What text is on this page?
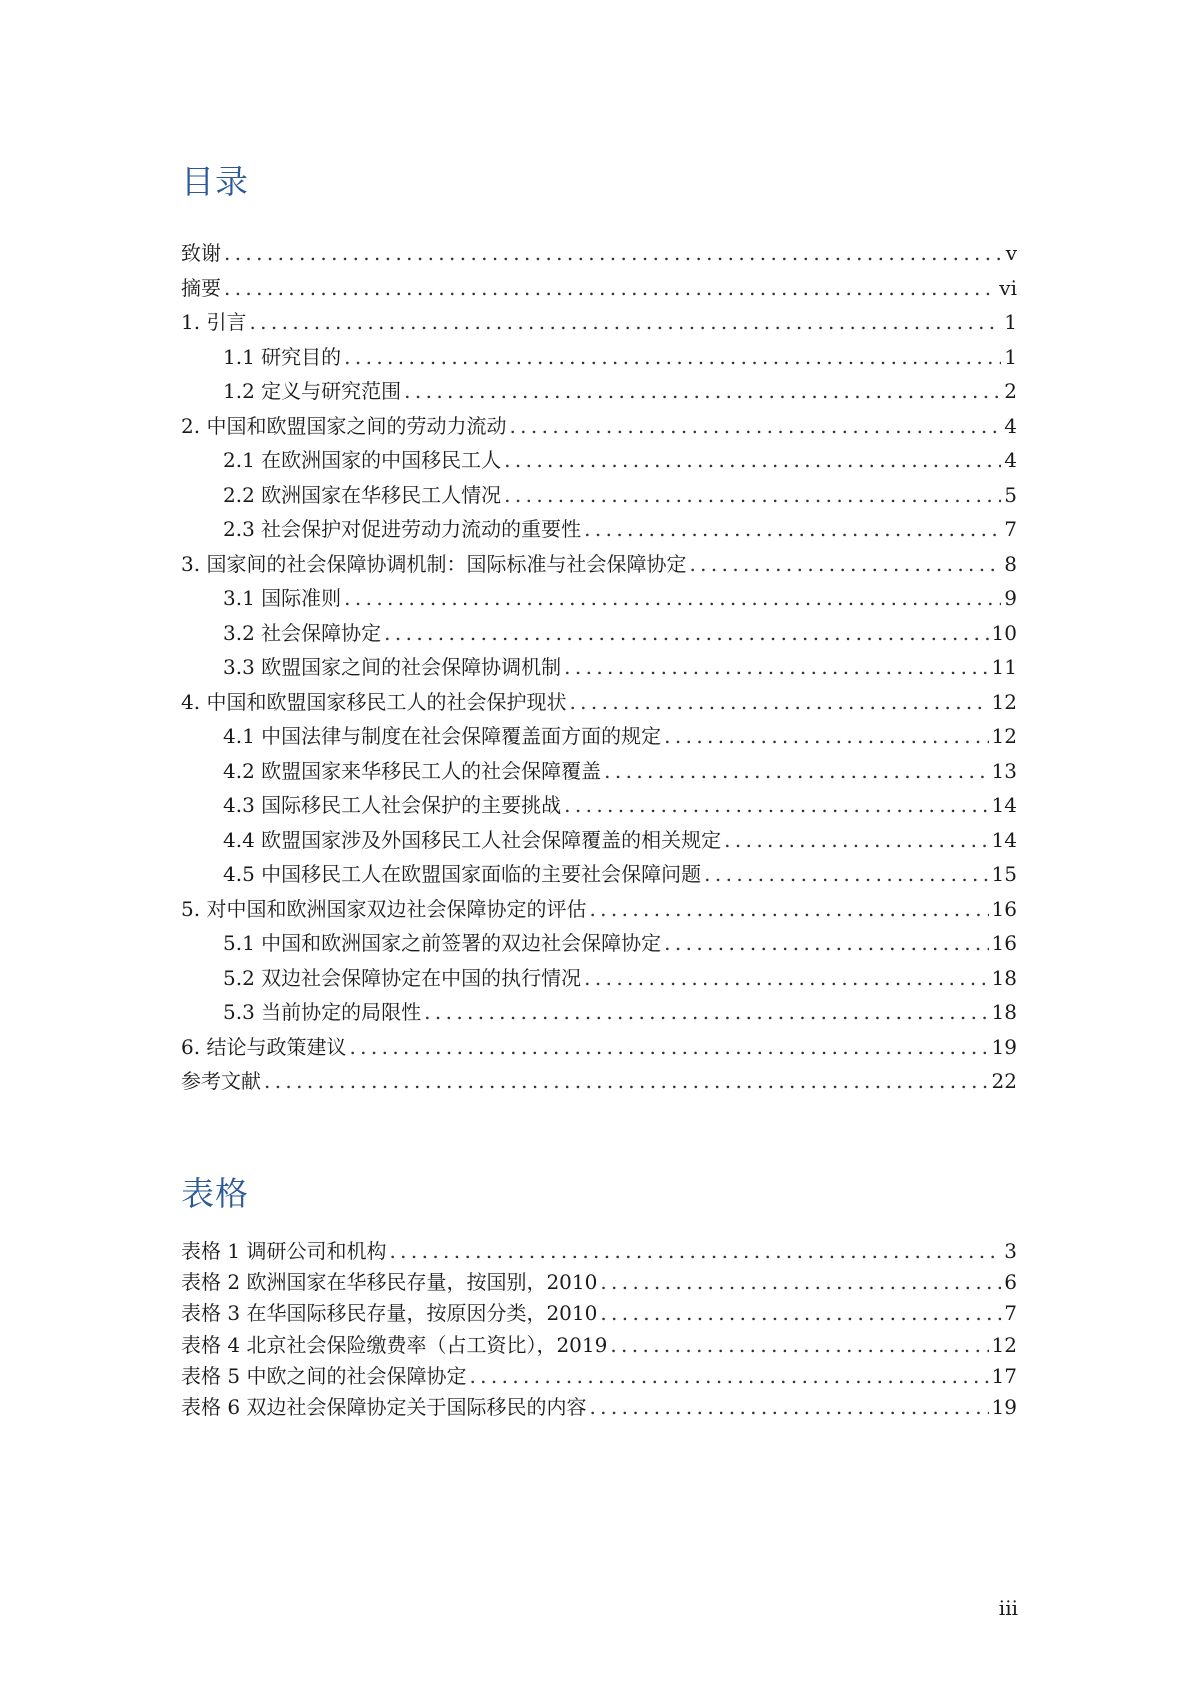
目录
致谢 . . .	v
摘要 . . .	vi
1. 引言 . . .	1
1.1 研究目的 . . .	1
1.2 定义与研究范围 . . .	2
2. 中国和欧盟国家之间的劳动力流动 . . .	4
2.1 在欧洲国家的中国移民工人 . . .	4
2.2 欧洲国家在华移民工人情况 . . .	5
2.3 社会保护对促进劳动力流动的重要性 . . .	7
3. 国家间的社会保障协调机制：国际标准与社会保障协定 . . .	8
3.1 国际准则 . . .	9
3.2 社会保障协定 . . .	10
3.3 欧盟国家之间的社会保障协调机制 . . .	11
4. 中国和欧盟国家移民工人的社会保护现状 . . .	12
4.1 中国法律与制度在社会保障覆盖面方面的规定 . . .	12
4.2 欧盟国家来华移民工人的社会保障覆盖 . . .	13
4.3 国际移民工人社会保护的主要挑战 . . .	14
4.4 欧盟国家涉及外国移民工人社会保障覆盖的相关规定 . . .	14
4.5 中国移民工人在欧盟国家面临的主要社会保障问题 . . .	15
5. 对中国和欧洲国家双边社会保障协定的评估 . . .	16
5.1 中国和欧洲国家之前签署的双边社会保障协定 . . .	16
5.2 双边社会保障协定在中国的执行情况 . . .	18
5.3 当前协定的局限性 . . .	18
6. 结论与政策建议 . . .	19
参考文献 . . .	22
表格
表格 1 调研公司和机构 . . .	3
表格 2 欧洲国家在华移民存量，按国别，2010 . . .	6
表格 3 在华国际移民存量，按原因分类，2010 . . .	7
表格 4 北京社会保险缴费率（占工资比），2019 . . .	12
表格 5 中欧之间的社会保障协定 . . .	17
表格 6 双边社会保障协定关于国际移民的内容 . . .	19
iii
